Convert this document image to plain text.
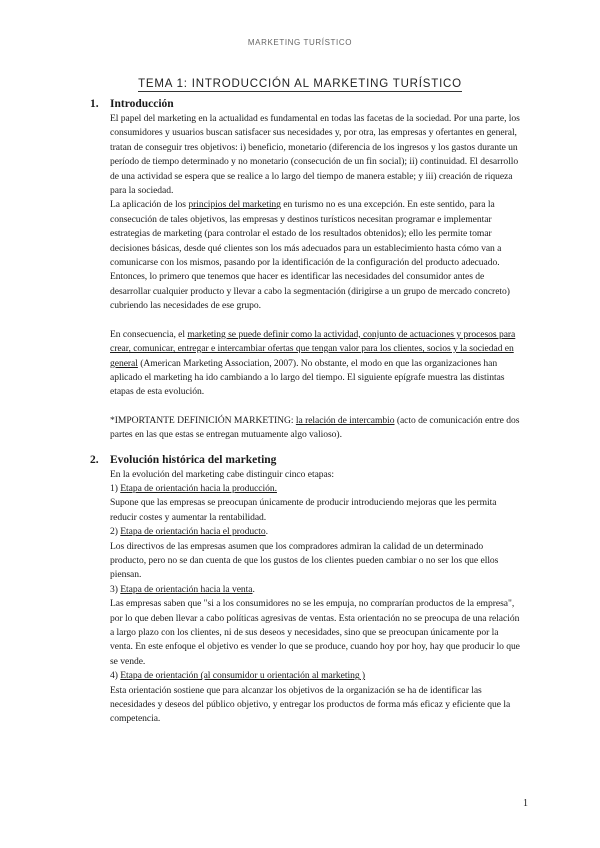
MARKETING TURÍSTICO
TEMA 1: INTRODUCCIÓN AL MARKETING TURÍSTICO
1. Introducción

El papel del marketing en la actualidad es fundamental en todas las facetas de la sociedad. Por una parte, los consumidores y usuarios buscan satisfacer sus necesidades y, por otra, las empresas y ofertantes en general, tratan de conseguir tres objetivos: i) beneficio, monetario (diferencia de los ingresos y los gastos durante un período de tiempo determinado y no monetario (consecución de un fin social); ii) continuidad. El desarrollo de una actividad se espera que se realice a lo largo del tiempo de manera estable; y iii) creación de riqueza para la sociedad.

La aplicación de los principios del marketing en turismo no es una excepción. En este sentido, para la consecución de tales objetivos, las empresas y destinos turísticos necesitan programar e implementar estrategias de marketing (para controlar el estado de los resultados obtenidos); ello les permite tomar decisiones básicas, desde qué clientes son los más adecuados para un establecimiento hasta cómo van a comunicarse con los mismos, pasando por la identificación de la configuración del producto adecuado.

Entonces, lo primero que tenemos que hacer es identificar las necesidades del consumidor antes de desarrollar cualquier producto y llevar a cabo la segmentación (dirigirse a un grupo de mercado concreto) cubriendo las necesidades de ese grupo.

En consecuencia, el marketing se puede definir como la actividad, conjunto de actuaciones y procesos para crear, comunicar, entregar e intercambiar ofertas que tengan valor para los clientes, socios y la sociedad en general (American Marketing Association, 2007). No obstante, el modo en que las organizaciones han aplicado el marketing ha ido cambiando a lo largo del tiempo. El siguiente epígrafe muestra las distintas etapas de esta evolución.

*IMPORTANTE DEFINICIÓN MARKETING: la relación de intercambio (acto de comunicación entre dos partes en las que estas se entregan mutuamente algo valioso).

2. Evolución histórica del marketing

En la evolución del marketing cabe distinguir cinco etapas:

1) Etapa de orientación hacia la producción.

Supone que las empresas se preocupan únicamente de producir introduciendo mejoras que les permita reducir costes y aumentar la rentabilidad.

2) Etapa de orientación hacia el producto.

Los directivos de las empresas asumen que los compradores admiran la calidad de un determinado producto, pero no se dan cuenta de que los gustos de los clientes pueden cambiar o no ser los que ellos piensan.

3) Etapa de orientación hacia la venta.

Las empresas saben que "si a los consumidores no se les empuja, no comprarían productos de la empresa", por lo que deben llevar a cabo políticas agresivas de ventas. Esta orientación no se preocupa de una relación a largo plazo con los clientes, ni de sus deseos y necesidades, sino que se preocupan únicamente por la venta. En este enfoque el objetivo es vender lo que se produce, cuando hoy por hoy, hay que producir lo que se vende.

4) Etapa de orientación (al consumidor u orientación al marketing )

Esta orientación sostiene que para alcanzar los objetivos de la organización se ha de identificar las necesidades y deseos del público objetivo, y entregar los productos de forma más eficaz y eficiente que la competencia.

1
